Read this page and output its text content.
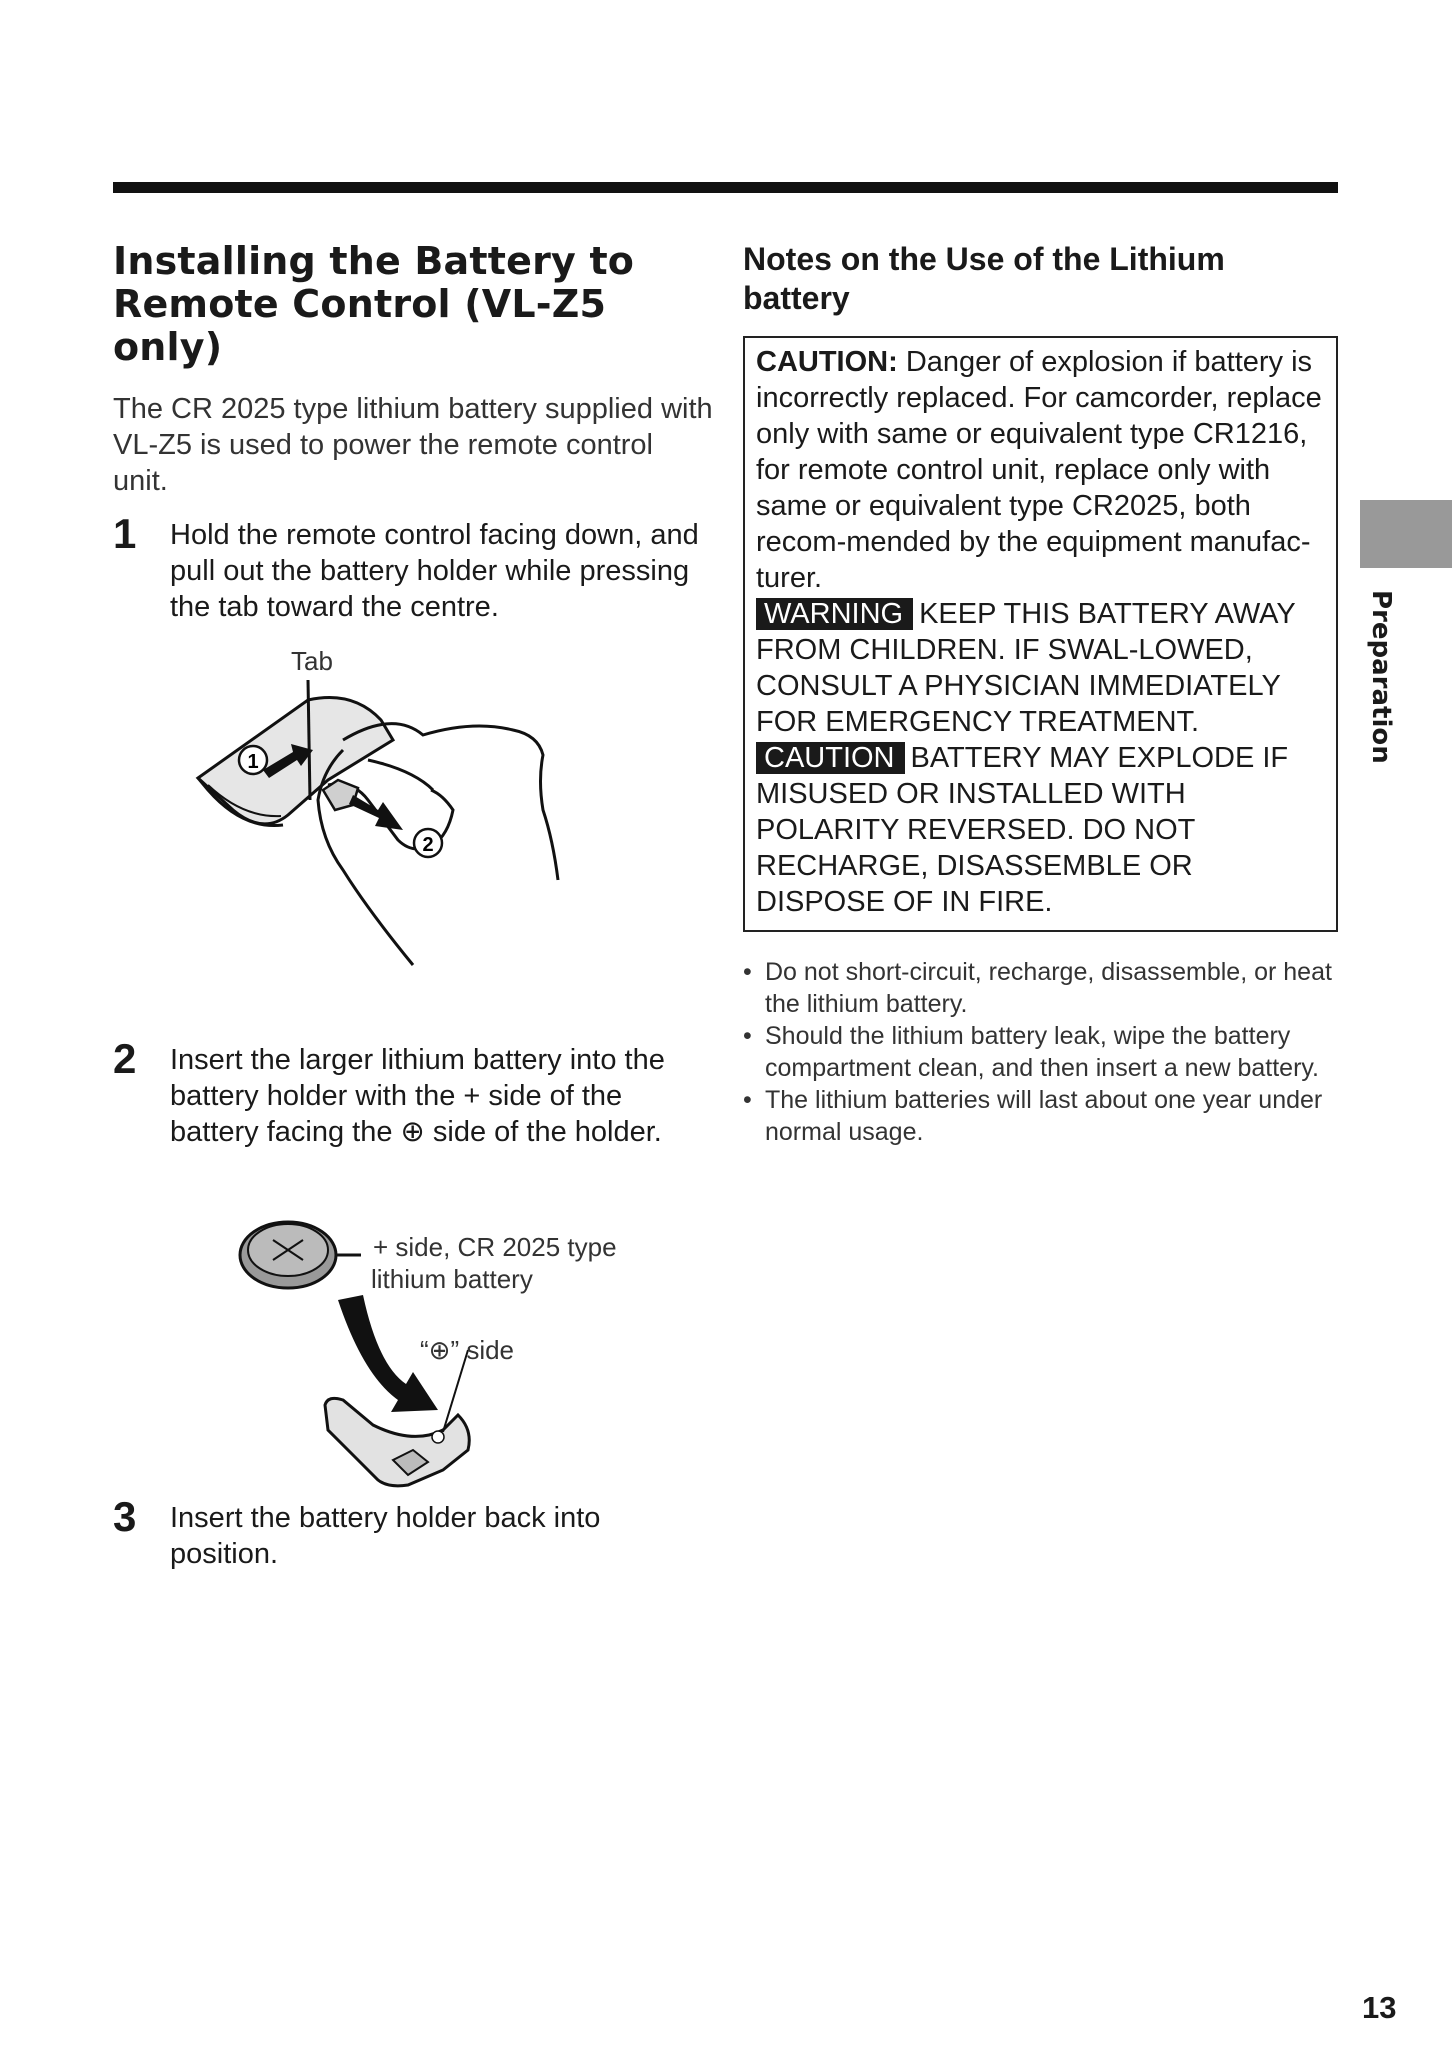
Installing the Battery to Remote Control (VL-Z5 only)
The CR 2025 type lithium battery supplied with VL-Z5 is used to power the remote control unit.
1 Hold the remote control facing down, and pull out the battery holder while pressing the tab toward the centre.
Tab
1
2
2 Insert the larger lithium battery into the battery holder with the + side of the battery facing the ⊕ side of the holder.
+ side, CR 2025 type
lithium battery
“⊕” side
3 Insert the battery holder back into position.
Notes on the Use of the Lithium battery
CAUTION: Danger of explosion if battery is incorrectly replaced. For camcorder, replace only with same or equivalent type CR1216, for remote control unit, replace only with same or equivalent type CR2025, both recom-mended by the equipment manufac-turer.
WARNING KEEP THIS BATTERY AWAY FROM CHILDREN. IF SWAL-LOWED, CONSULT A PHYSICIAN IMMEDIATELY FOR EMERGENCY TREATMENT.
CAUTION BATTERY MAY EXPLODE IF MISUSED OR INSTALLED WITH POLARITY REVERSED. DO NOT RECHARGE, DISASSEMBLE OR DISPOSE OF IN FIRE.
• Do not short-circuit, recharge, disassemble, or heat the lithium battery.
• Should the lithium battery leak, wipe the battery compartment clean, and then insert a new battery.
• The lithium batteries will last about one year under normal usage.
Preparation
13
